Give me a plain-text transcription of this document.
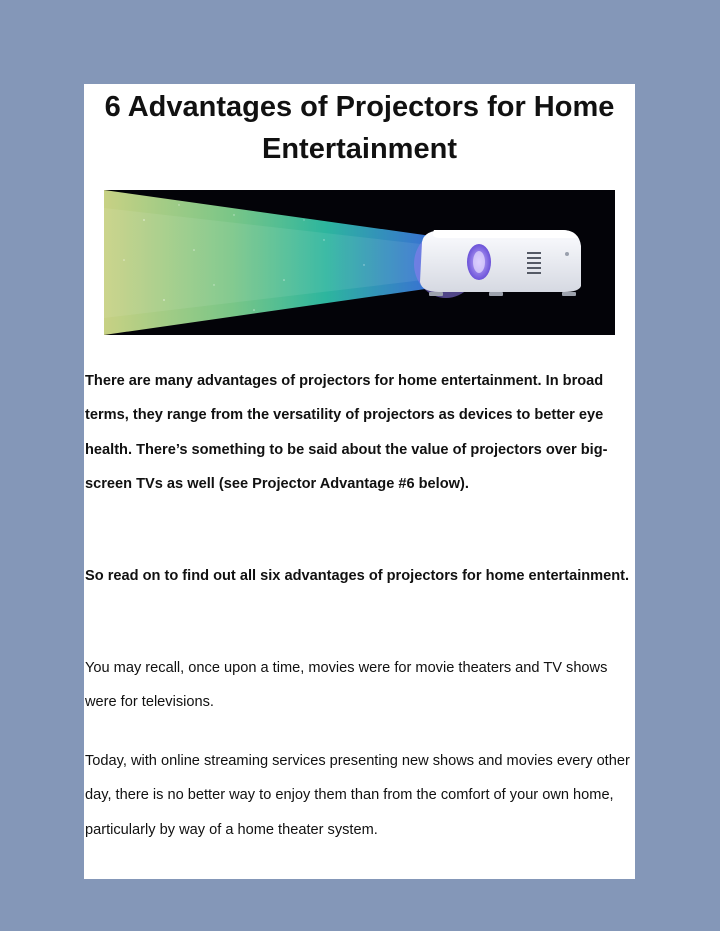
6 Advantages of Projectors for Home Entertainment

There are many advantages of projectors for home entertainment. In broad terms, they range from the versatility of projectors as devices to better eye health. There’s something to be said about the value of projectors over big-screen TVs as well (see Projector Advantage #6 below).

So read on to find out all six advantages of projectors for home entertainment.

You may recall, once upon a time, movies were for movie theaters and TV shows were for televisions.

Today, with online streaming services presenting new shows and movies every other day, there is no better way to enjoy them than from the comfort of your own home, particularly by way of a home theater system.
